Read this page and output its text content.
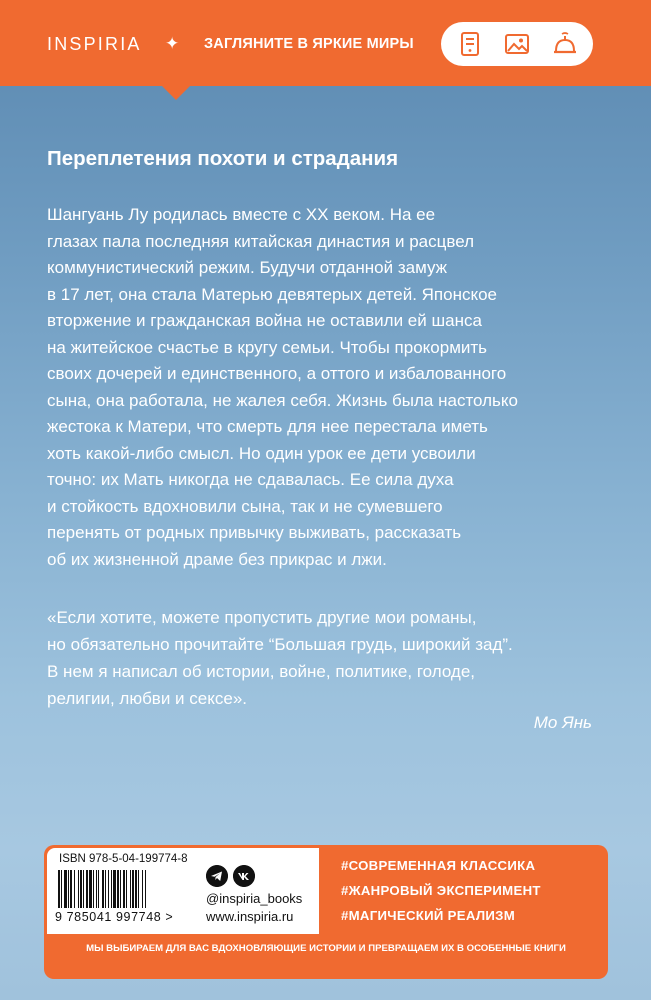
INSPIRIA ✦ ЗАГЛЯНИТЕ В ЯРКИЕ МИРЫ
Переплетения похоти и страдания

Шангуань Лу родилась вместе с XX веком. На ее

глазах пала последняя китайская династия и расцвел

коммунистический режим. Будучи отданной замуж

в 17 лет, она стала Матерью девятерых детей. Японское

вторжение и гражданская война не оставили ей шанса

на житейское счастье в кругу семьи. Чтобы прокормить

своих дочерей и единственного, а оттого и избалованного

сына, она работала, не жалея себя. Жизнь была настолько

жестока к Матери, что смерть для нее перестала иметь

хоть какой-либо смысл. Но один урок ее дети усвоили

точно: их Мать никогда не сдавалась. Ее сила духа

и стойкость вдохновили сына, так и не сумевшего

перенять от родных привычку выживать, рассказать

об их жизненной драме без прикрас и лжи.

«Если хотите, можете пропустить другие мои романы,

но обязательно прочитайте “Большая грудь, широкий зад”.

В нем я написал об истории, войне, политике, голоде,

религии, любви и сексе».

Мо Янь
ISBN 978-5-04-199774-8
9 785041 997748 >
@inspiria_books
www.inspiria.ru
#СОВРЕМЕННАЯ КЛАССИКА
#ЖАНРОВЫЙ ЭКСПЕРИМЕНТ
#МАГИЧЕСКИЙ РЕАЛИЗМ
МЫ ВЫБИРАЕМ ДЛЯ ВАС ВДОХНОВЛЯЮЩИЕ ИСТОРИИ И ПРЕВРАЩАЕМ ИХ В ОСОБЕННЫЕ КНИГИ
